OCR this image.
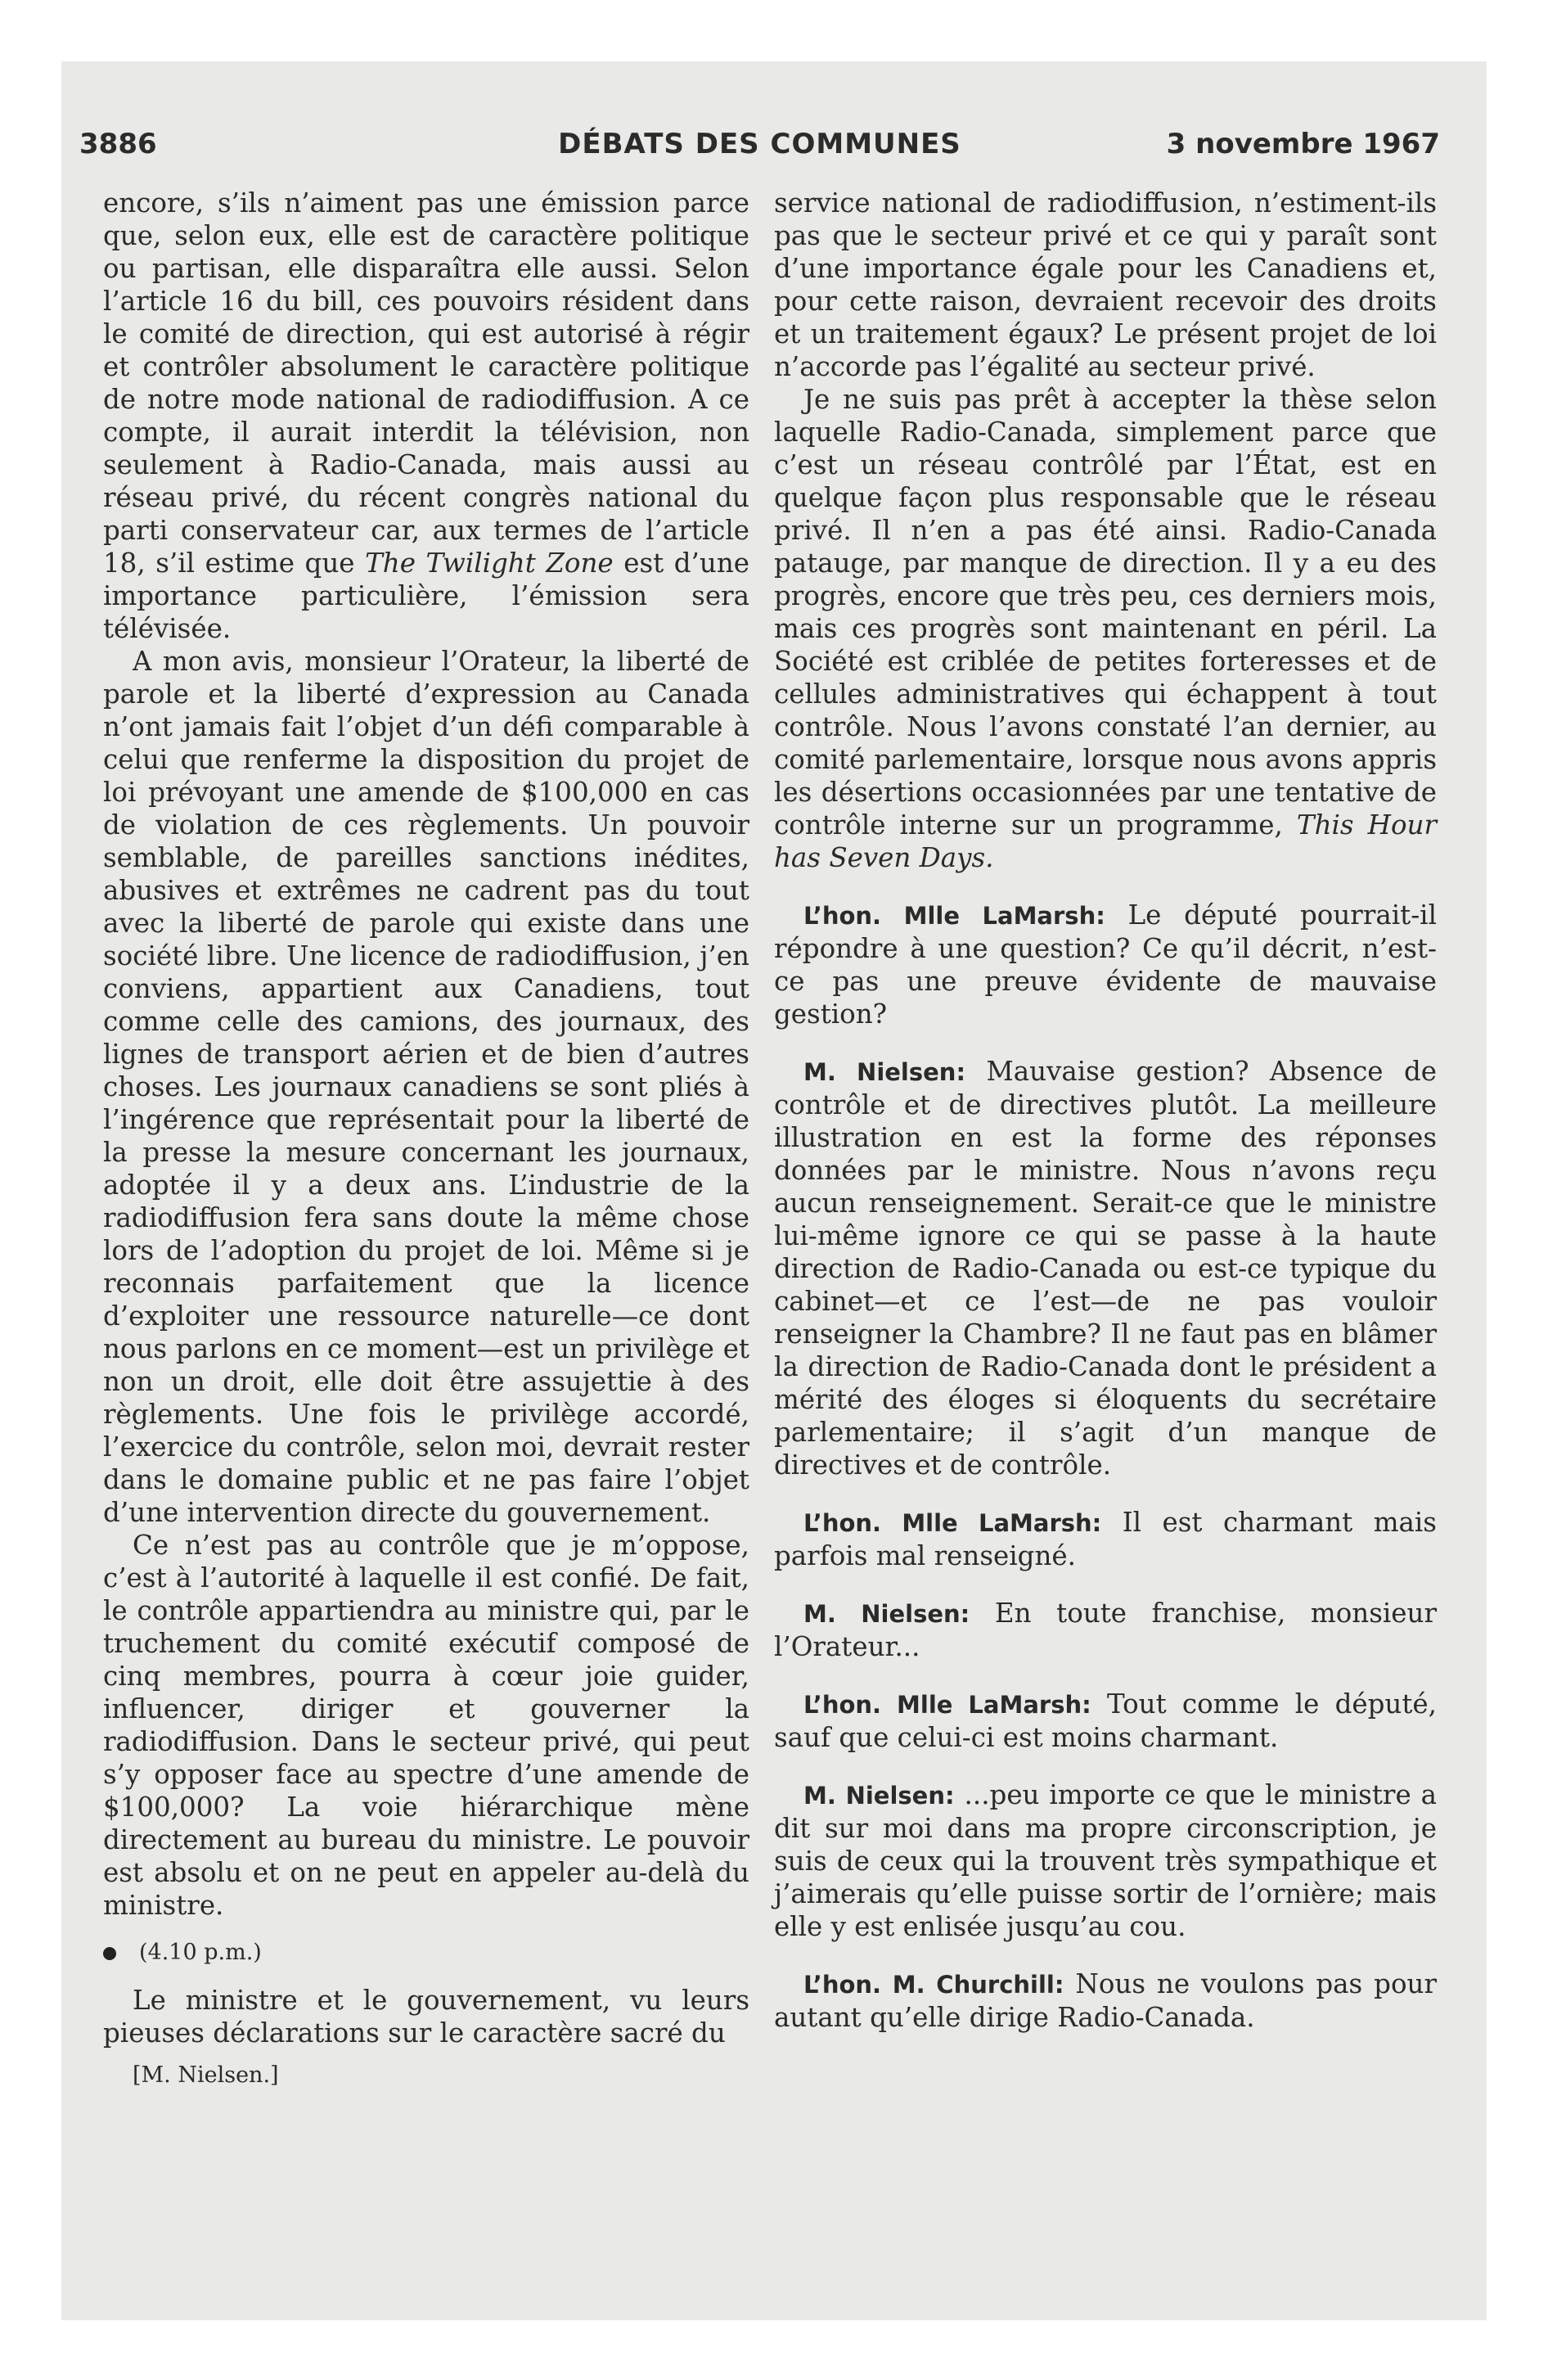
3886	DÉBATS DES COMMUNES	3 novembre 1967

encore, s’ils n’aiment pas une émission parce que, selon eux, elle est de caractère politique ou partisan, elle disparaîtra elle aussi. Selon l’article 16 du bill, ces pouvoirs résident dans le comité de direction, qui est autorisé à régir et contrôler absolument le caractère politique de notre mode national de radiodiffusion. A ce compte, il aurait interdit la télévision, non seulement à Radio-Canada, mais aussi au réseau privé, du récent congrès national du parti conservateur car, aux termes de l’article 18, s’il estime que The Twilight Zone est d’une importance particulière, l’émission sera télévisée.

A mon avis, monsieur l’Orateur, la liberté de parole et la liberté d’expression au Canada n’ont jamais fait l’objet d’un défi comparable à celui que renferme la disposition du projet de loi prévoyant une amende de $100,000 en cas de violation de ces règlements. Un pouvoir semblable, de pareilles sanctions inédites, abusives et extrêmes ne cadrent pas du tout avec la liberté de parole qui existe dans une société libre. Une licence de radiodiffusion, j’en conviens, appartient aux Canadiens, tout comme celle des camions, des journaux, des lignes de transport aérien et de bien d’autres choses. Les journaux canadiens se sont pliés à l’ingérence que représentait pour la liberté de la presse la mesure concernant les journaux, adoptée il y a deux ans. L’industrie de la radiodiffusion fera sans doute la même chose lors de l’adoption du projet de loi. Même si je reconnais parfaitement que la licence d’exploiter une ressource naturelle—ce dont nous parlons en ce moment—est un privilège et non un droit, elle doit être assujettie à des règlements. Une fois le privilège accordé, l’exercice du contrôle, selon moi, devrait rester dans le domaine public et ne pas faire l’objet d’une intervention directe du gouvernement.

Ce n’est pas au contrôle que je m’oppose, c’est à l’autorité à laquelle il est confié. De fait, le contrôle appartiendra au ministre qui, par le truchement du comité exécutif composé de cinq membres, pourra à cœur joie guider, influencer, diriger et gouverner la radiodiffusion. Dans le secteur privé, qui peut s’y opposer face au spectre d’une amende de $100,000? La voie hiérarchique mène directement au bureau du ministre. Le pouvoir est absolu et on ne peut en appeler au-delà du ministre.

(4.10 p.m.)

Le ministre et le gouvernement, vu leurs pieuses déclarations sur le caractère sacré du

[M. Nielsen.]

service national de radiodiffusion, n’estiment-ils pas que le secteur privé et ce qui y paraît sont d’une importance égale pour les Canadiens et, pour cette raison, devraient recevoir des droits et un traitement égaux? Le présent projet de loi n’accorde pas l’égalité au secteur privé.

Je ne suis pas prêt à accepter la thèse selon laquelle Radio-Canada, simplement parce que c’est un réseau contrôlé par l’État, est en quelque façon plus responsable que le réseau privé. Il n’en a pas été ainsi. Radio-Canada patauge, par manque de direction. Il y a eu des progrès, encore que très peu, ces derniers mois, mais ces progrès sont maintenant en péril. La Société est criblée de petites forteresses et de cellules administratives qui échappent à tout contrôle. Nous l’avons constaté l’an dernier, au comité parlementaire, lorsque nous avons appris les désertions occasionnées par une tentative de contrôle interne sur un programme, This Hour has Seven Days.

L’hon. Mlle LaMarsh: Le député pourrait-il répondre à une question? Ce qu’il décrit, n’est-ce pas une preuve évidente de mauvaise gestion?

M. Nielsen: Mauvaise gestion? Absence de contrôle et de directives plutôt. La meilleure illustration en est la forme des réponses données par le ministre. Nous n’avons reçu aucun renseignement. Serait-ce que le ministre lui-même ignore ce qui se passe à la haute direction de Radio-Canada ou est-ce typique du cabinet—et ce l’est—de ne pas vouloir renseigner la Chambre? Il ne faut pas en blâmer la direction de Radio-Canada dont le président a mérité des éloges si éloquents du secrétaire parlementaire; il s’agit d’un manque de directives et de contrôle.

L’hon. Mlle LaMarsh: Il est charmant mais parfois mal renseigné.

M. Nielsen: En toute franchise, monsieur l’Orateur...

L’hon. Mlle LaMarsh: Tout comme le député, sauf que celui-ci est moins charmant.

M. Nielsen: ...peu importe ce que le ministre a dit sur moi dans ma propre circonscription, je suis de ceux qui la trouvent très sympathique et j’aimerais qu’elle puisse sortir de l’ornière; mais elle y est enlisée jusqu’au cou.

L’hon. M. Churchill: Nous ne voulons pas pour autant qu’elle dirige Radio-Canada.
